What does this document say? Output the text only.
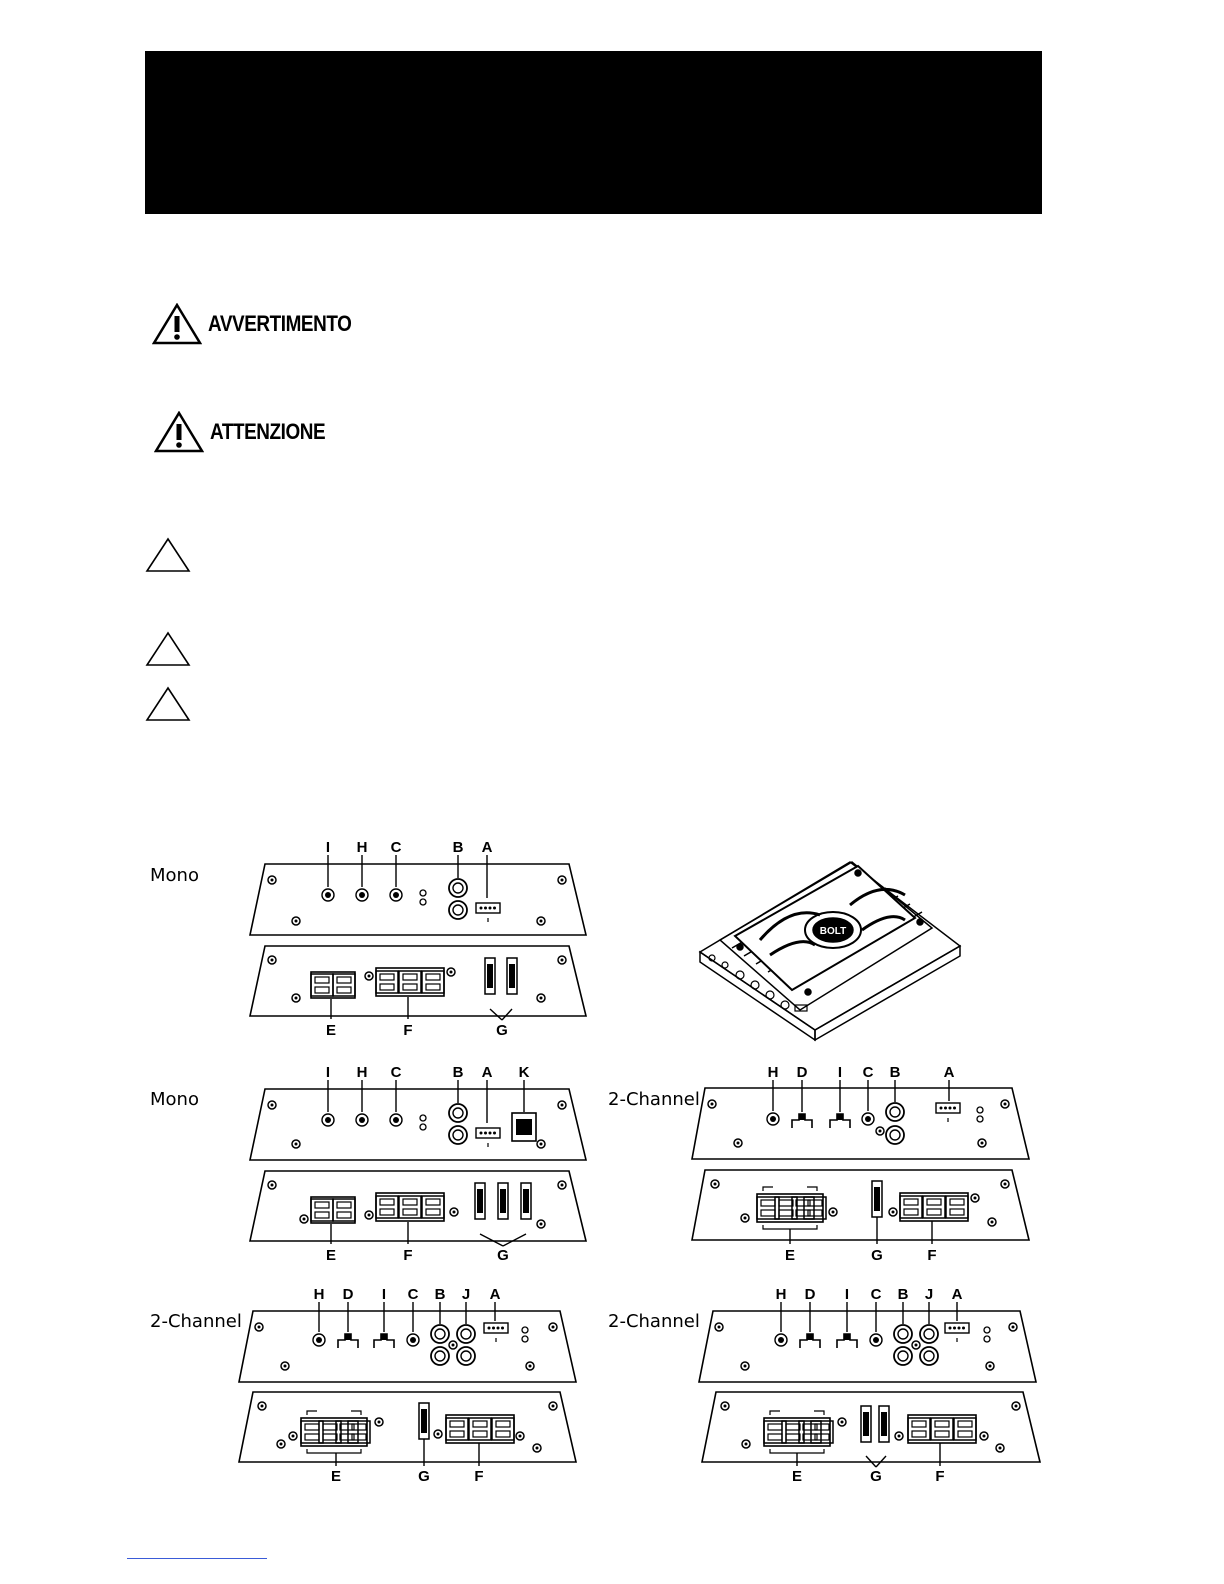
AVVERTIMENTO
ATTENZIONE
Mono
I H C	B A
E	F	G
BOLT
Mono
I H C	B A K
E	F	G
2-Channel
H D I C B	A
E	G	F
2-Channel
H D I C B J A
E	G	F
2-Channel
H D I C B J A
E	G	F
